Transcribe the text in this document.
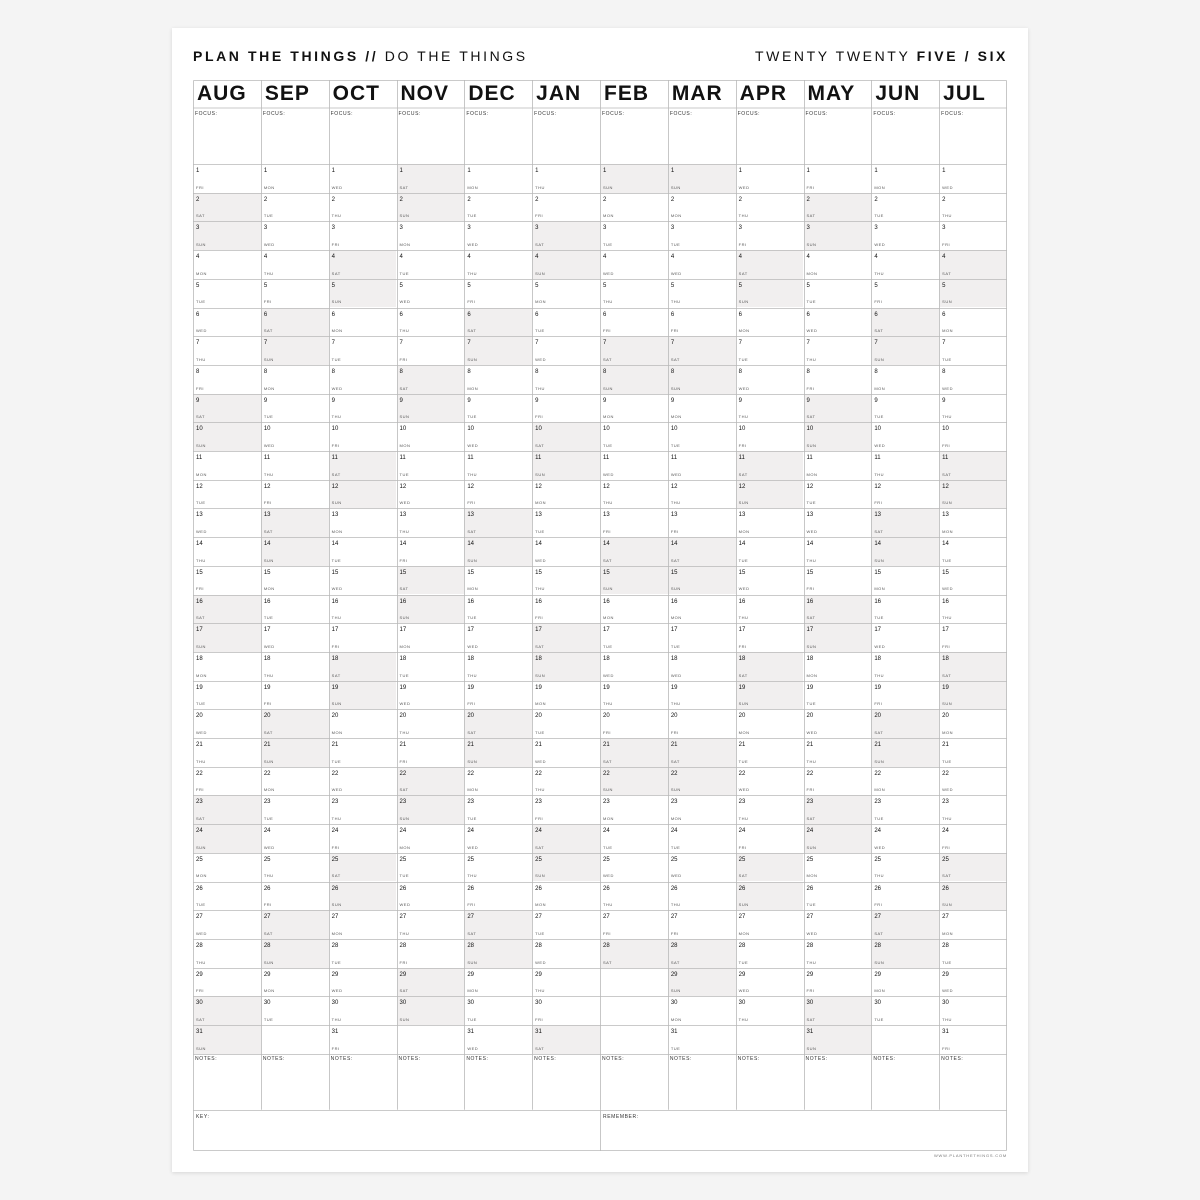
PLAN THE THINGS // DO THE THINGS	TWENTY TWENTY FIVE / SIX
AUG
FOCUS:
1
FRI
2
SAT
3
SUN
4
MON
5
TUE
6
WED
7
THU
8
FRI
9
SAT
10
SUN
11
MON
12
TUE
13
WED
14
THU
15
FRI
16
SAT
17
SUN
18
MON
19
TUE
20
WED
21
THU
22
FRI
23
SAT
24
SUN
25
MON
26
TUE
27
WED
28
THU
29
FRI
30
SAT
31
SUN
NOTES:
SEP
FOCUS:
1
MON
2
TUE
3
WED
4
THU
5
FRI
6
SAT
7
SUN
8
MON
9
TUE
10
WED
11
THU
12
FRI
13
SAT
14
SUN
15
MON
16
TUE
17
WED
18
THU
19
FRI
20
SAT
21
SUN
22
MON
23
TUE
24
WED
25
THU
26
FRI
27
SAT
28
SUN
29
MON
30
TUE
NOTES:
OCT
FOCUS:
1
WED
2
THU
3
FRI
4
SAT
5
SUN
6
MON
7
TUE
8
WED
9
THU
10
FRI
11
SAT
12
SUN
13
MON
14
TUE
15
WED
16
THU
17
FRI
18
SAT
19
SUN
20
MON
21
TUE
22
WED
23
THU
24
FRI
25
SAT
26
SUN
27
MON
28
TUE
29
WED
30
THU
31
FRI
NOTES:
NOV
FOCUS:
1
SAT
2
SUN
3
MON
4
TUE
5
WED
6
THU
7
FRI
8
SAT
9
SUN
10
MON
11
TUE
12
WED
13
THU
14
FRI
15
SAT
16
SUN
17
MON
18
TUE
19
WED
20
THU
21
FRI
22
SAT
23
SUN
24
MON
25
TUE
26
WED
27
THU
28
FRI
29
SAT
30
SUN
NOTES:
DEC
FOCUS:
1
MON
2
TUE
3
WED
4
THU
5
FRI
6
SAT
7
SUN
8
MON
9
TUE
10
WED
11
THU
12
FRI
13
SAT
14
SUN
15
MON
16
TUE
17
WED
18
THU
19
FRI
20
SAT
21
SUN
22
MON
23
TUE
24
WED
25
THU
26
FRI
27
SAT
28
SUN
29
MON
30
TUE
31
WED
NOTES:
JAN
FOCUS:
1
THU
2
FRI
3
SAT
4
SUN
5
MON
6
TUE
7
WED
8
THU
9
FRI
10
SAT
11
SUN
12
MON
13
TUE
14
WED
15
THU
16
FRI
17
SAT
18
SUN
19
MON
20
TUE
21
WED
22
THU
23
FRI
24
SAT
25
SUN
26
MON
27
TUE
28
WED
29
THU
30
FRI
31
SAT
NOTES:
FEB
FOCUS:
1
SUN
2
MON
3
TUE
4
WED
5
THU
6
FRI
7
SAT
8
SUN
9
MON
10
TUE
11
WED
12
THU
13
FRI
14
SAT
15
SUN
16
MON
17
TUE
18
WED
19
THU
20
FRI
21
SAT
22
SUN
23
MON
24
TUE
25
WED
26
THU
27
FRI
28
SAT
NOTES:
MAR
FOCUS:
1
SUN
2
MON
3
TUE
4
WED
5
THU
6
FRI
7
SAT
8
SUN
9
MON
10
TUE
11
WED
12
THU
13
FRI
14
SAT
15
SUN
16
MON
17
TUE
18
WED
19
THU
20
FRI
21
SAT
22
SUN
23
MON
24
TUE
25
WED
26
THU
27
FRI
28
SAT
29
SUN
30
MON
31
TUE
NOTES:
APR
FOCUS:
1
WED
2
THU
3
FRI
4
SAT
5
SUN
6
MON
7
TUE
8
WED
9
THU
10
FRI
11
SAT
12
SUN
13
MON
14
TUE
15
WED
16
THU
17
FRI
18
SAT
19
SUN
20
MON
21
TUE
22
WED
23
THU
24
FRI
25
SAT
26
SUN
27
MON
28
TUE
29
WED
30
THU
NOTES:
MAY
FOCUS:
1
FRI
2
SAT
3
SUN
4
MON
5
TUE
6
WED
7
THU
8
FRI
9
SAT
10
SUN
11
MON
12
TUE
13
WED
14
THU
15
FRI
16
SAT
17
SUN
18
MON
19
TUE
20
WED
21
THU
22
FRI
23
SAT
24
SUN
25
MON
26
TUE
27
WED
28
THU
29
FRI
30
SAT
31
SUN
NOTES:
JUN
FOCUS:
1
MON
2
TUE
3
WED
4
THU
5
FRI
6
SAT
7
SUN
8
MON
9
TUE
10
WED
11
THU
12
FRI
13
SAT
14
SUN
15
MON
16
TUE
17
WED
18
THU
19
FRI
20
SAT
21
SUN
22
MON
23
TUE
24
WED
25
THU
26
FRI
27
SAT
28
SUN
29
MON
30
TUE
NOTES:
JUL
FOCUS:
1
WED
2
THU
3
FRI
4
SAT
5
SUN
6
MON
7
TUE
8
WED
9
THU
10
FRI
11
SAT
12
SUN
13
MON
14
TUE
15
WED
16
THU
17
FRI
18
SAT
19
SUN
20
MON
21
TUE
22
WED
23
THU
24
FRI
25
SAT
26
SUN
27
MON
28
TUE
29
WED
30
THU
31
FRI
NOTES:
KEY:	REMEMBER:
WWW.PLANTHETHINGS.COM
